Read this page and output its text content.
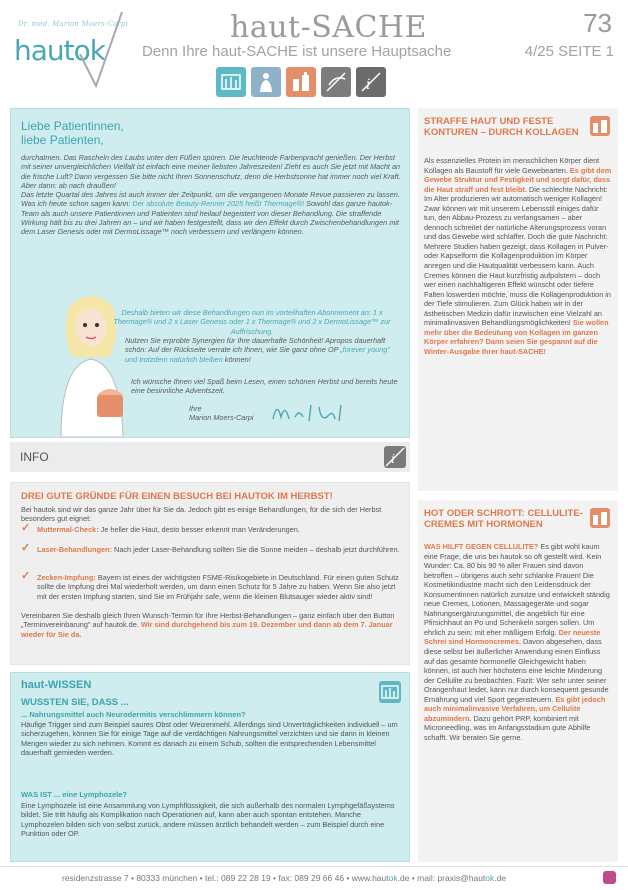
Dr. med. Marion Moers-Carpi
hautok
haut-SACHE
Denn Ihre haut-SACHE ist unsere Hauptsache
73
4/25 SEITE 1
i
Liebe Patientinnen,
liebe Patienten,
durchatmen. Das Rascheln des Laubs unter den Füßen spüren. Die leuchtende Farbenpracht genießen. Der Herbst mit seiner unvergleichlichen Vielfalt ist einfach eine meiner liebsten Jahreszeiten! Zieht es auch Sie jetzt mit Macht an die frische Luft? Dann vergessen Sie bitte nicht Ihren Sonnenschutz, denn die Herbstsonne hat immer noch viel Kraft. Aber dann: ab nach draußen!
Das letzte Quartal des Jahres ist auch immer der Zeitpunkt, um die vergangenen Monate Revue passieren zu lassen. Was ich heute schon sagen kann: Der absolute Beauty-Renner 2025 heißt Thermage®! Sowohl das ganze hautok-Team als auch unsere Patientinnen und Patienten sind heilauf begeistert von dieser Behandlung. Die straffende Wirkung hält bis zu drei Jahren an – und wir haben festgestellt, dass wir den Effekt durch Zwischenbehandlungen mit dem Laser Genesis oder mit DermoLissage™ noch verbessern und verlängern können.
Deshalb bieten wir diese Behandlungen nun im vorteilhaften Abonnement an: 1 x Thermage® und 2 x Laser Genesis oder 1 x Thermage® und 2 x DermoLissage™ zur Auffrischung.
Nutzen Sie erprobte Synergien für Ihre dauerhafte Schönheit! Apropos dauerhaft schön: Auf der Rückseite verrate ich Ihnen, wie Sie ganz ohne OP „forever young" und trotzdem natürlich bleiben können!
Ich wünsche Ihnen viel Spaß beim Lesen, einen schönen Herbst und bereits heute eine besinnliche Adventszeit.
Ihre
Marion Moers-Carpi
INFO	i
DREI GUTE GRÜNDE FÜR EINEN BESUCH BEI HAUTOK IM HERBST!
Bei hautok sind wir das ganze Jahr über für Sie da. Jedoch gibt es einige Behandlungen, für die sich der Herbst besonders gut eignet:
✓ Muttermal-Check: Je heller die Haut, desto besser erkennt man Veränderungen.
✓ Laser-Behandlungen: Nach jeder Laser-Behandlung sollten Sie die Sonne meiden – deshalb jetzt durchführen.
✓ Zecken-Impfung: Bayern ist eines der wichtigsten FSME-Risikogebiete in Deutschland. Für einen guten Schutz sollte die Impfung drei Mal wiederholt werden, um dann einen Schutz für 5 Jahre zu haben. Wenn Sie also jetzt mit der ersten Impfung starten, sind Sie im Frühjahr safe, wenn die kleinen Blutsauger wieder aktiv sind!
Vereinbaren Sie deshalb gleich Ihren Wunsch-Termin für Ihre Herbst-Behandlungen – ganz einfach über den Button „Terminvereinbarung" auf hautok.de. Wir sind durchgehend bis zum 19. Dezember und dann ab dem 7. Januar wieder für Sie da.
haut-WISSEN
WUSSTEN SIE, DASS ...
... Nahrungsmittel auch Neurodermitis verschlimmern können?
Häufige Trigger sind zum Beispiel saures Obst oder Weizenmehl. Allerdings sind Unverträglichkeiten individuell – um sicherzugehen, können Sie für einige Tage auf die verdächtigen Nahrungsmittel verzichten und sie dann in kleinen Mengen wieder zu sich nehmen. Kommt es danach zu einem Schub, sollten die entsprechenden Lebensmittel dauerhaft gemieden werden.
WAS IST ... eine Lymphozele?
Eine Lymphozele ist eine Ansammlung von Lymphflüssigkeit, die sich außerhalb des normalen Lymphgefäßsystems bildet. Sie tritt häufig als Komplikation nach Operationen auf, kann aber auch spontan entstehen. Manche Lymphozelen bilden sich von selbst zurück, andere müssen ärztlich behandelt werden – zum Beispiel durch eine Punktion oder OP.
STRAFFE HAUT UND FESTE KONTUREN – DURCH KOLLAGEN
Als essenzielles Protein im menschlichen Körper dient Kollagen als Baustoff für viele Gewebearten. Es gibt dem Gewebe Struktur und Festigkeit und sorgt dafür, dass die Haut straff und fest bleibt. Die schlechte Nachricht: Im Alter produzieren wir automatisch weniger Kollagen! Zwar können wir mit unserem Lebensstil einiges dafür tun, den Abbau-Prozess zu verlangsamen – aber dennoch schreitet der natürliche Alterungsprozess voran und das Gewebe wird schlaffer. Doch die gute Nachricht: Mehrere Studien haben gezeigt, dass Kollagen in Pulver- oder Kapselform die Kollagenproduktion im Körper anregen und die Hautqualität verbessern kann. Auch Cremes können die Haut kurzfristig aufpolstern – doch wer einen nachhaltigeren Effekt wünscht oder tiefere Falten loswerden möchte, muss die Kollagenproduktion in der Tiefe stimulieren. Zum Glück haben wir in der ästhetischen Medizin dafür inzwischen eine Vielzahl an minimalinvasiven Behandlungsmöglichkeiten! Sie wollen mehr über die Bedeutung von Kollagen im ganzen Körper erfahren? Dann seien Sie gespannt auf die Winter-Ausgabe Ihrer haut-SACHE!
HOT ODER SCHROTT: CELLULITE-CREMES MIT HORMONEN
WAS HILFT GEGEN CELLULITE? Es gibt wohl kaum eine Frage, die uns bei hautok so oft gestellt wird. Kein Wunder: Ca. 80 bis 90 % aller Frauen sind davon betroffen – übrigens auch sehr schlanke Frauen! Die Kosmetikindustrie macht sich den Leidensdruck der Konsumentinnen natürlich zunutze und entwickelt ständig neue Cremes, Lotionen, Massagegeräte und sogar Nahrungsergänzungsmittel, die angeblich für eine Pfirsichhaut an Po und Schenkeln sorgen sollen. Um ehrlich zu sein: mit eher mäßigem Erfolg. Der neueste Schrei sind Hormoncremes. Davon abgesehen, dass diese selbst bei äußerlicher Anwendung einen Einfluss auf das gesamte hormonelle Gleichgewicht haben können, ist auch hier höchstens eine leichte Minderung der Cellulite zu beobachten. Fazit: Wer sehr unter seiner Orangenhaut leidet, kann nur durch konsequent gesunde Ernährung und viel Sport gegensteuern. Es gibt jedoch auch minimalinvasive Verfahren, um Cellulite abzumindern. Dazu gehört PRP, kombiniert mit Microneedling, was im Anfangsstadium gute Abhilfe schafft. Wir beraten Sie gerne.
residenzstrasse 7 • 80333 münchen • tel.: 089 22 28 19 • fax: 089 29 66 46 • www.hautok.de • mail: praxis@hautok.de
